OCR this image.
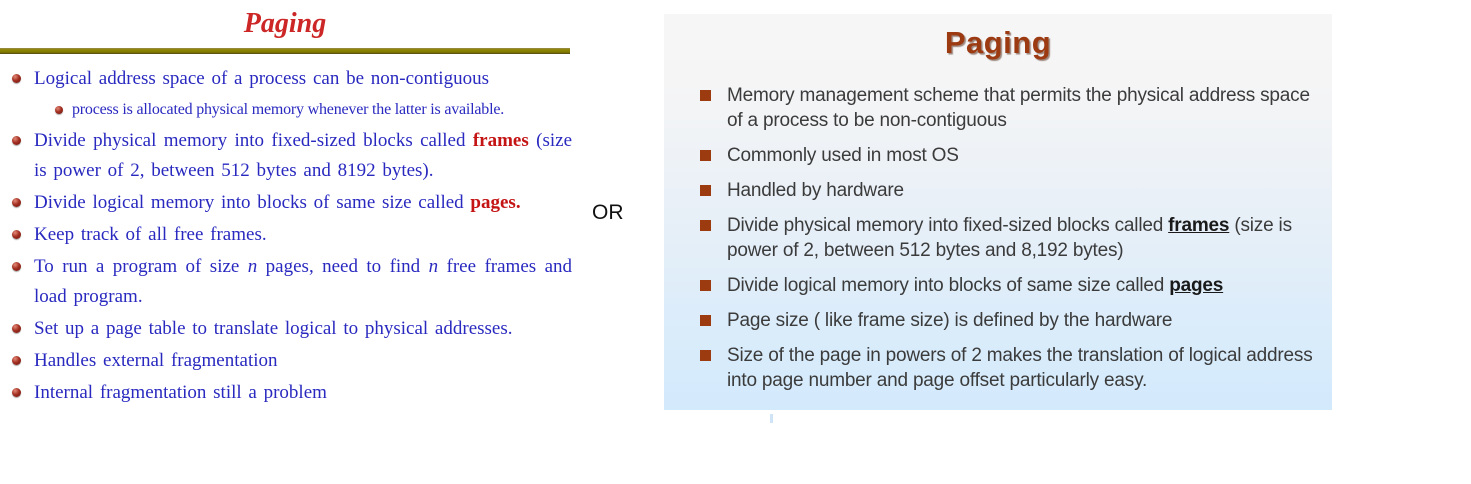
Paging
Logical address space of a process can be non-contiguous
process is allocated physical memory whenever the latter is available.
Divide physical memory into fixed-sized blocks called frames (size is power of 2, between 512 bytes and 8192 bytes).
Divide logical memory into blocks of same size called pages.
Keep track of all free frames.
To run a program of size n pages, need to find n free frames and load program.
Set up a page table to translate logical to physical addresses.
Handles external fragmentation
Internal fragmentation still a problem
OR
Paging
Memory management scheme that permits the physical address space of a process to be non-contiguous
Commonly used in most OS
Handled by hardware
Divide physical memory into fixed-sized blocks called frames (size is power of 2, between 512 bytes and 8,192 bytes)
Divide logical memory into blocks of same size called pages
Page size ( like frame size) is defined by the hardware
Size of the page in powers of 2 makes the translation of logical address into page number and page offset particularly easy.
